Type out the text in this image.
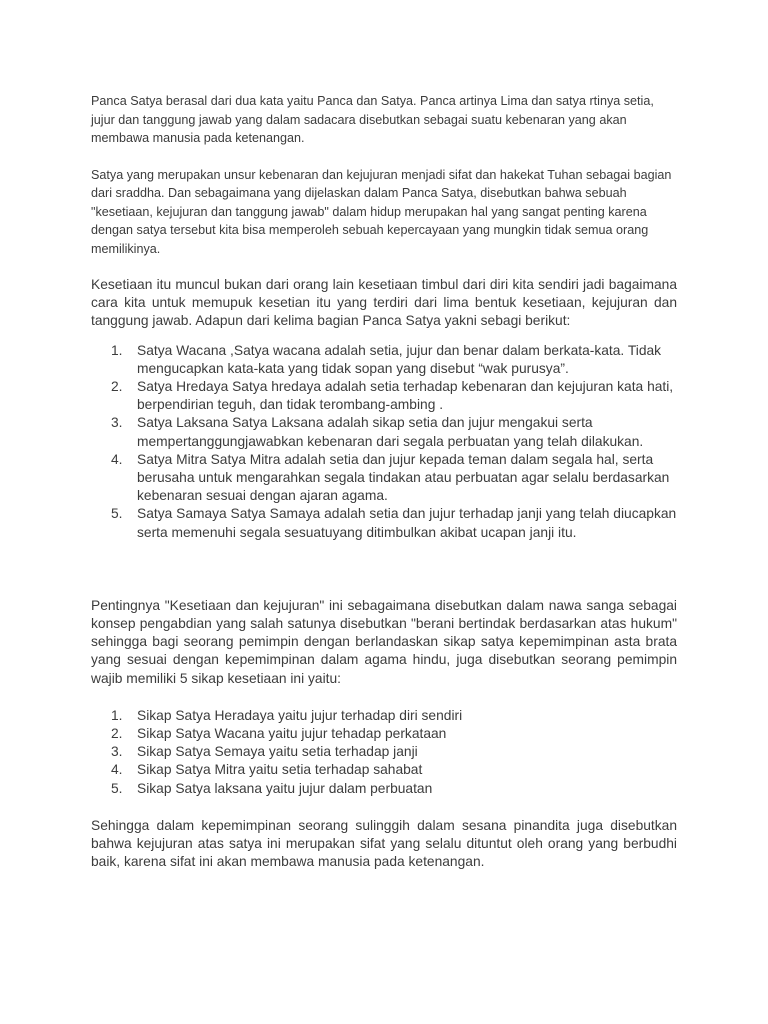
Panca Satya berasal dari dua kata yaitu Panca dan Satya. Panca artinya Lima dan satya rtinya setia, jujur dan tanggung jawab yang dalam sadacara disebutkan sebagai suatu kebenaran yang akan membawa manusia pada ketenangan.

Satya yang merupakan unsur kebenaran dan kejujuran menjadi sifat dan hakekat Tuhan sebagai bagian dari sraddha. Dan sebagaimana yang dijelaskan dalam Panca Satya, disebutkan bahwa sebuah "kesetiaan, kejujuran dan tanggung jawab" dalam hidup merupakan hal yang sangat penting karena dengan satya tersebut kita bisa memperoleh sebuah kepercayaan yang mungkin tidak semua orang memilikinya.

Kesetiaan itu muncul bukan dari orang lain kesetiaan timbul dari diri kita sendiri jadi bagaimana cara kita untuk memupuk kesetian itu yang terdiri dari lima bentuk kesetiaan, kejujuran dan tanggung jawab. Adapun dari kelima bagian Panca Satya yakni sebagi berikut:

1. Satya Wacana ,Satya wacana adalah setia, jujur dan benar dalam berkata-kata. Tidak mengucapkan kata-kata yang tidak sopan yang disebut “wak purusya”.
2. Satya Hredaya Satya hredaya adalah setia terhadap kebenaran dan kejujuran kata hati, berpendirian teguh, dan tidak terombang-ambing .
3. Satya Laksana Satya Laksana adalah sikap setia dan jujur mengakui serta mempertanggungjawabkan kebenaran dari segala perbuatan yang telah dilakukan.
4. Satya Mitra Satya Mitra adalah setia dan jujur kepada teman dalam segala hal, serta berusaha untuk mengarahkan segala tindakan atau perbuatan agar selalu berdasarkan kebenaran sesuai dengan ajaran agama.
5. Satya Samaya Satya Samaya adalah setia dan jujur terhadap janji yang telah diucapkan serta memenuhi segala sesuatuyang ditimbulkan akibat ucapan janji itu.

Pentingnya "Kesetiaan dan kejujuran" ini sebagaimana disebutkan dalam nawa sanga sebagai konsep pengabdian yang salah satunya disebutkan "berani bertindak berdasarkan atas hukum" sehingga bagi seorang pemimpin dengan berlandaskan sikap satya kepemimpinan asta brata yang sesuai dengan kepemimpinan dalam agama hindu, juga disebutkan seorang pemimpin wajib memiliki 5 sikap kesetiaan ini yaitu:

1. Sikap Satya Heradaya yaitu jujur terhadap diri sendiri
2. Sikap Satya Wacana yaitu jujur tehadap perkataan
3. Sikap Satya Semaya yaitu setia terhadap janji
4. Sikap Satya Mitra yaitu setia terhadap sahabat
5. Sikap Satya laksana yaitu jujur dalam perbuatan

Sehingga dalam kepemimpinan seorang sulinggih dalam sesana pinandita juga disebutkan bahwa kejujuran atas satya ini merupakan sifat yang selalu dituntut oleh orang yang berbudhi baik, karena sifat ini akan membawa manusia pada ketenangan.
